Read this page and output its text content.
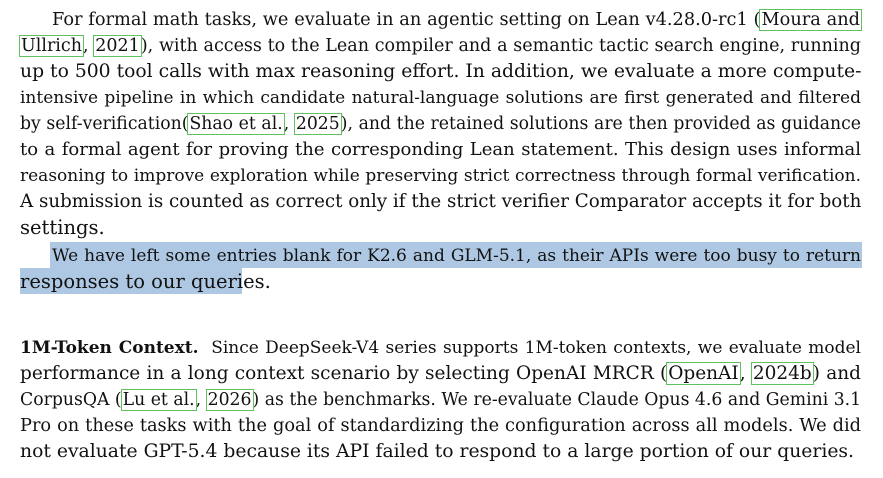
For formal math tasks, we evaluate in an agentic setting on Lean v4.28.0-rc1 (Moura and
Ullrich, 2021), with access to the Lean compiler and a semantic tactic search engine, running
up to 500 tool calls with max reasoning effort. In addition, we evaluate a more compute-
intensive pipeline in which candidate natural-language solutions are first generated and filtered
by self-verification(Shao et al., 2025), and the retained solutions are then provided as guidance
to a formal agent for proving the corresponding Lean statement. This design uses informal
reasoning to improve exploration while preserving strict correctness through formal verification.
A submission is counted as correct only if the strict verifier Comparator accepts it for both
settings.
We have left some entries blank for K2.6 and GLM-5.1, as their APIs were too busy to return
responses to our queries.
1M-Token Context. Since DeepSeek-V4 series supports 1M-token contexts, we evaluate model
performance in a long context scenario by selecting OpenAI MRCR (OpenAI, 2024b) and
CorpusQA (Lu et al., 2026) as the benchmarks. We re-evaluate Claude Opus 4.6 and Gemini 3.1
Pro on these tasks with the goal of standardizing the configuration across all models. We did
not evaluate GPT-5.4 because its API failed to respond to a large portion of our queries.
